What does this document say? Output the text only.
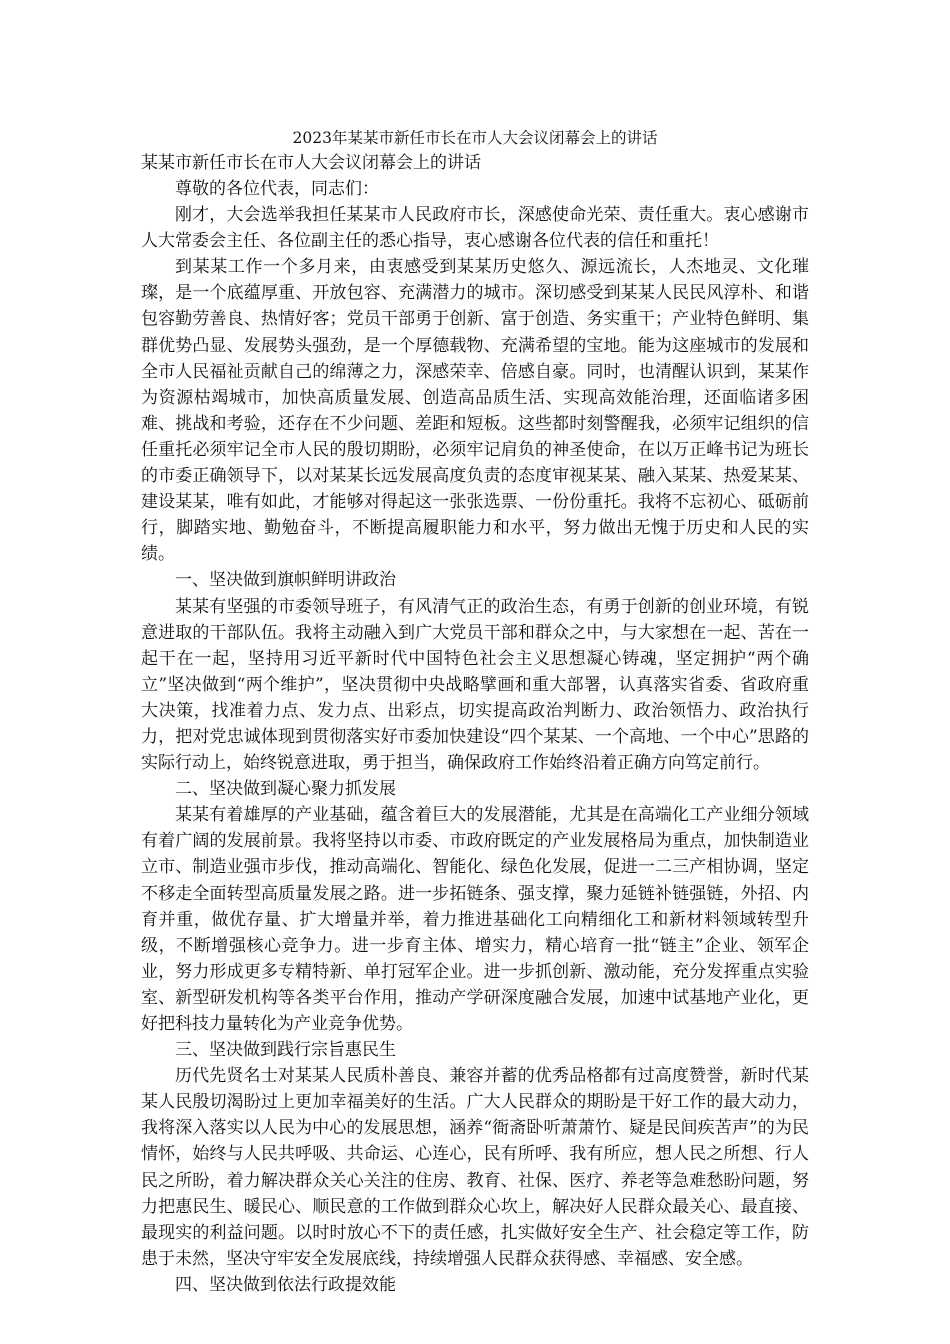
2023年某某市新任市长在市人大会议闭幕会上的讲话
某某市新任市长在市人大会议闭幕会上的讲话

尊敬的各位代表，同志们：

刚才，大会选举我担任某某市人民政府市长，深感使命光荣、责任重大。衷心感谢市人大常委会主任、各位副主任的悉心指导，衷心感谢各位代表的信任和重托！

到某某工作一个多月来，由衷感受到某某历史悠久、源远流长，人杰地灵、文化璀璨，是一个底蕴厚重、开放包容、充满潜力的城市。深切感受到某某人民民风淳朴、和谐包容勤劳善良、热情好客；党员干部勇于创新、富于创造、务实重干；产业特色鲜明、集群优势凸显、发展势头强劲，是一个厚德载物、充满希望的宝地。能为这座城市的发展和全市人民福祉贡献自己的绵薄之力，深感荣幸、倍感自豪。同时，也清醒认识到，某某作为资源枯竭城市，加快高质量发展、创造高品质生活、实现高效能治理，还面临诸多困难、挑战和考验，还存在不少问题、差距和短板。这些都时刻警醒我，必须牢记组织的信任重托必须牢记全市人民的殷切期盼，必须牢记肩负的神圣使命，在以万正峰书记为班长的市委正确领导下，以对某某长远发展高度负责的态度审视某某、融入某某、热爱某某、建设某某，唯有如此，才能够对得起这一张张选票、一份份重托。我将不忘初心、砥砺前行，脚踏实地、勤勉奋斗，不断提高履职能力和水平，努力做出无愧于历史和人民的实绩。

一、坚决做到旗帜鲜明讲政治

某某有坚强的市委领导班子，有风清气正的政治生态，有勇于创新的创业环境，有锐意进取的干部队伍。我将主动融入到广大党员干部和群众之中，与大家想在一起、苦在一起干在一起，坚持用习近平新时代中国特色社会主义思想凝心铸魂，坚定拥护“两个确立”坚决做到“两个维护”，坚决贯彻中央战略擘画和重大部署，认真落实省委、省政府重大决策，找准着力点、发力点、出彩点，切实提高政治判断力、政治领悟力、政治执行力，把对党忠诚体现到贯彻落实好市委加快建设“四个某某、一个高地、一个中心”思路的实际行动上，始终锐意进取，勇于担当，确保政府工作始终沿着正确方向笃定前行。

二、坚决做到凝心聚力抓发展

某某有着雄厚的产业基础，蕴含着巨大的发展潜能，尤其是在高端化工产业细分领域有着广阔的发展前景。我将坚持以市委、市政府既定的产业发展格局为重点，加快制造业立市、制造业强市步伐，推动高端化、智能化、绿色化发展，促进一二三产相协调，坚定不移走全面转型高质量发展之路。进一步拓链条、强支撑，聚力延链补链强链，外招、内育并重，做优存量、扩大增量并举，着力推进基础化工向精细化工和新材料领域转型升级，不断增强核心竞争力。进一步育主体、增实力，精心培育一批“链主”企业、领军企业，努力形成更多专精特新、单打冠军企业。进一步抓创新、激动能，充分发挥重点实验室、新型研发机构等各类平台作用，推动产学研深度融合发展，加速中试基地产业化，更好把科技力量转化为产业竞争优势。

三、坚决做到践行宗旨惠民生

历代先贤名士对某某人民质朴善良、兼容并蓄的优秀品格都有过高度赞誉，新时代某某人民殷切渴盼过上更加幸福美好的生活。广大人民群众的期盼是干好工作的最大动力，我将深入落实以人民为中心的发展思想，涵养“衙斋卧听萧萧竹、疑是民间疾苦声”的为民情怀，始终与人民共呼吸、共命运、心连心，民有所呼、我有所应，想人民之所想、行人民之所盼，着力解决群众关心关注的住房、教育、社保、医疗、养老等急难愁盼问题，努力把惠民生、暖民心、顺民意的工作做到群众心坎上，解决好人民群众最关心、最直接、最现实的利益问题。以时时放心不下的责任感，扎实做好安全生产、社会稳定等工作，防患于未然，坚决守牢安全发展底线，持续增强人民群众获得感、幸福感、安全感。

四、坚决做到依法行政提效能
